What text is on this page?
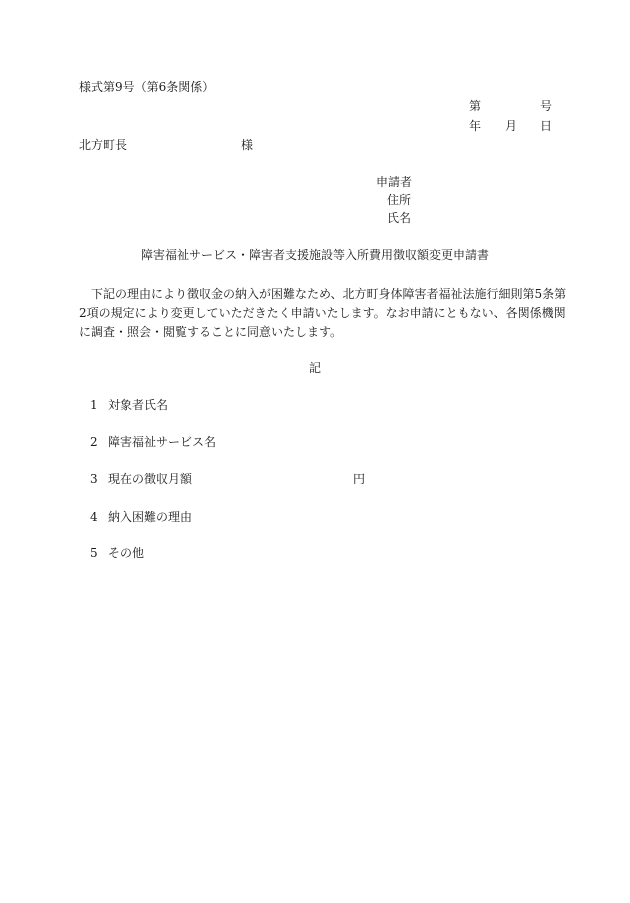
様式第9号（第6条関係）
第	号
年 月 日
北方町長	様
申請者
住所
氏名
障害福祉サービス・障害者支援施設等入所費用徴収額変更申請書
　下記の理由により徴収金の納入が困難なため、北方町身体障害者福祉法施行細則第5条第
2項の規定により変更していただきたく申請いたします。なお申請にともない、各関係機関
に調査・照会・閲覧することに同意いたします。
記
1 対象者氏名
2 障害福祉サービス名
3 現在の徴収月額	円
4 納入困難の理由
5 その他
